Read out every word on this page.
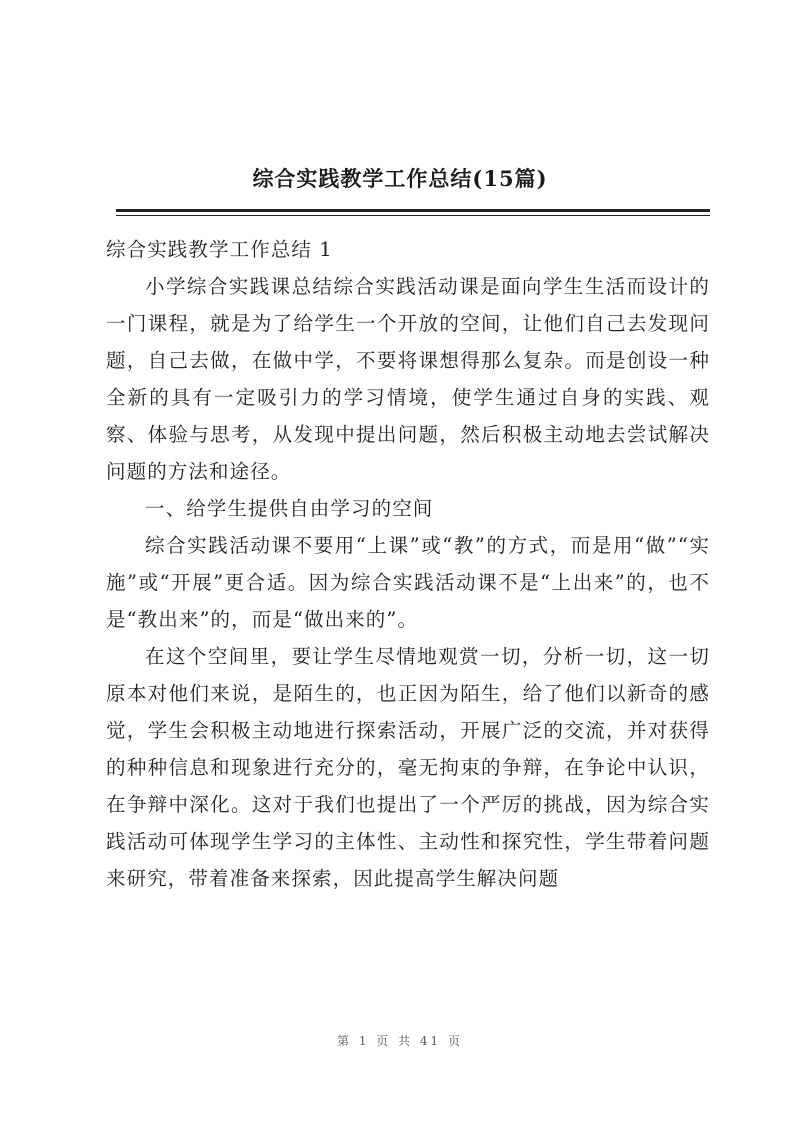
综合实践教学工作总结(15篇)

综合实践教学工作总结 1

小学综合实践课总结综合实践活动课是面向学生生活而设计的一门课程，就是为了给学生一个开放的空间，让他们自己去发现问题，自己去做，在做中学，不要将课想得那么复杂。而是创设一种全新的具有一定吸引力的学习情境，使学生通过自身的实践、观察、体验与思考，从发现中提出问题，然后积极主动地去尝试解决问题的方法和途径。

一、给学生提供自由学习的空间

综合实践活动课不要用“上课”或“教”的方式，而是用“做”“实施”或“开展”更合适。因为综合实践活动课不是“上出来”的，也不是“教出来”的，而是“做出来的”。

在这个空间里，要让学生尽情地观赏一切，分析一切，这一切原本对他们来说，是陌生的，也正因为陌生，给了他们以新奇的感觉，学生会积极主动地进行探索活动，开展广泛的交流，并对获得的种种信息和现象进行充分的，毫无拘束的争辩，在争论中认识，在争辩中深化。这对于我们也提出了一个严厉的挑战，因为综合实践活动可体现学生学习的主体性、主动性和探究性，学生带着问题来研究，带着准备来探索，因此提高学生解决问题

第 1 页 共 41 页
